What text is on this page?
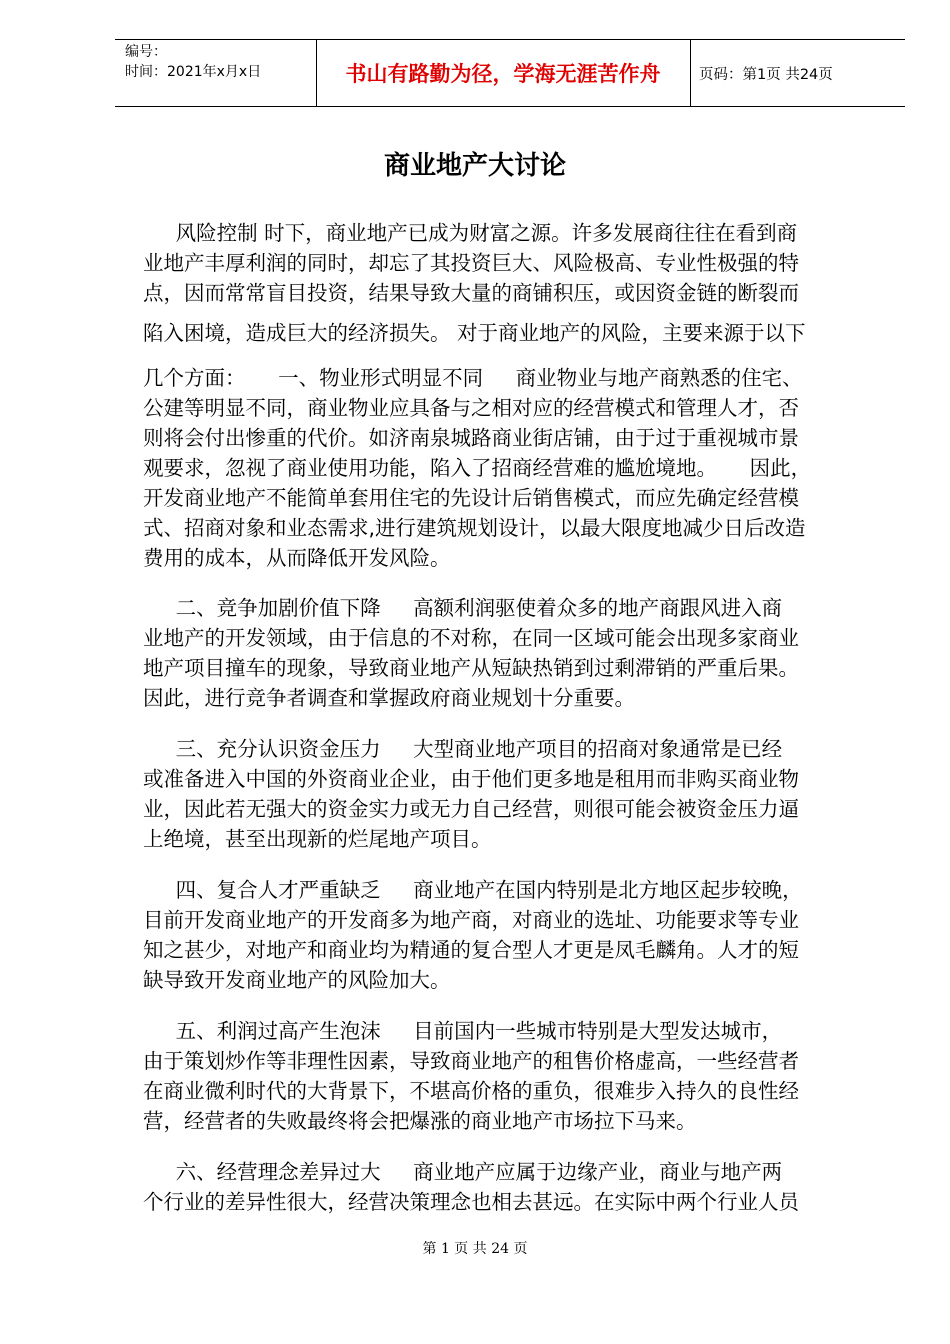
编号：
时间：2021年x月x日	书山有路勤为径，学海无涯苦作舟	页码：第1页 共24页
商业地产大讨论
风险控制 时下，商业地产已成为财富之源。许多发展商往往在看到商
业地产丰厚利润的同时，却忘了其投资巨大、风险极高、专业性极强的特
点，因而常常盲目投资，结果导致大量的商铺积压，或因资金链的断裂而
陷入困境，造成巨大的经济损失。 对于商业地产的风险，主要来源于以下
几个方面：     一、物业形式明显不同     商业物业与地产商熟悉的住宅、
公建等明显不同，商业物业应具备与之相对应的经营模式和管理人才，否
则将会付出惨重的代价。如济南泉城路商业街店铺，由于过于重视城市景
观要求，忽视了商业使用功能，陷入了招商经营难的尴尬境地。     因此，
开发商业地产不能简单套用住宅的先设计后销售模式，而应先确定经营模
式、招商对象和业态需求,进行建筑规划设计，以最大限度地减少日后改造
费用的成本，从而降低开发风险。
二、竞争加剧价值下降     高额利润驱使着众多的地产商跟风进入商
业地产的开发领域，由于信息的不对称，在同一区域可能会出现多家商业
地产项目撞车的现象，导致商业地产从短缺热销到过剩滞销的严重后果。
因此，进行竞争者调查和掌握政府商业规划十分重要。
三、充分认识资金压力     大型商业地产项目的招商对象通常是已经
或准备进入中国的外资商业企业，由于他们更多地是租用而非购买商业物
业，因此若无强大的资金实力或无力自己经营，则很可能会被资金压力逼
上绝境，甚至出现新的烂尾地产项目。
四、复合人才严重缺乏     商业地产在国内特别是北方地区起步较晚，
目前开发商业地产的开发商多为地产商，对商业的选址、功能要求等专业
知之甚少，对地产和商业均为精通的复合型人才更是凤毛麟角。人才的短
缺导致开发商业地产的风险加大。
五、利润过高产生泡沫     目前国内一些城市特别是大型发达城市，
由于策划炒作等非理性因素，导致商业地产的租售价格虚高，一些经营者
在商业微利时代的大背景下，不堪高价格的重负，很难步入持久的良性经
营，经营者的失败最终将会把爆涨的商业地产市场拉下马来。
六、经营理念差异过大     商业地产应属于边缘产业，商业与地产两
个行业的差异性很大，经营决策理念也相去甚远。在实际中两个行业人员
第 1 页 共 24 页
